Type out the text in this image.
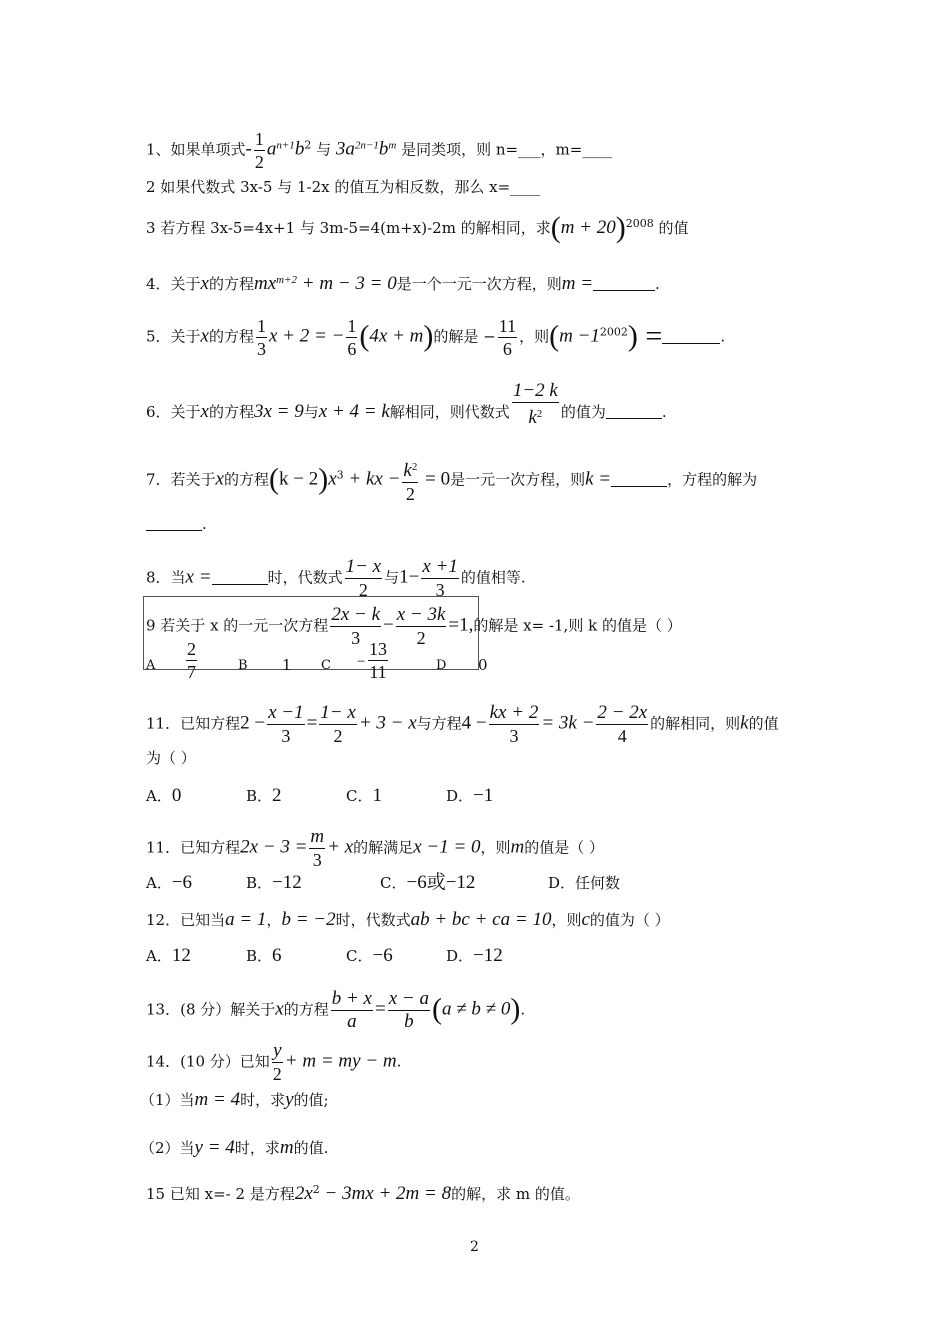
1、如果单项式- $\frac{1}{2} a^{n+1}b^2$ 与 $3a^{2n-1}b^m$ 是同类项，则 n=___，m=____
2 如果代数式 3x-5 与 1-2x 的值互为相反数，那么 x=____
3 若方程 3x-5=4x+1 与 3m-5=4(m+x)-2m 的解相同，求$(m + 20)^{2008}$ 的值
4．关于x的方程$mx^{m+2} + m - 3 = 0$是一个一元一次方程，则m =	.
5．关于x的方程 $\frac{1}{3}$ x + 2 = − $\frac{1}{6} (4x + m)$的解是 − $\frac{11}{6}$ ，则$(m -1^{2002})$ =	.
6．关于x的方程3x = 9与x + 4 = k解相同，则代数式 $\frac{1-2 k}{k^2}$ 的值为	.
7．若关于x的方程$(k - 2)x^3$ + kx − $\frac{k^2}{2} = 0$是一元一次方程，则k =	，方程的解为
.
8．当x =	时，代数式 $\frac{1- x}{2}$ 与$1- \frac{x +1}{3}$ 的值相等.
9 若关于 x 的一元一次方程 $\frac{2x - k}{3} - \frac{x - 3k}{2} =1$,的解是 x= -1,则 k 的值是（ ）
A
2
7	B 1 C −
13
11	D 0
11．已知方程$2 - \frac{x -1}{3} = \frac{1- x}{2} + 3 - x$与方程$4 - \frac{kx + 2}{3} = 3k - \frac{2 - 2x}{4}$ 的解相同，则k的值
为（ ）
A．0	B．2	C．1	D．−1
11．已知方程$2x - 3 = \frac{m}{3} + x$的解满足x −1 = 0，则m的值是（ ）
A．−6	B．−12	C．−6或−12	D．任何数
12．已知当a = 1，b = −2时，代数式ab + bc + ca = 10，则c的值为（ ）
A．12	B．6	C．−6	D．−12
13．(8 分）解关于x的方程 $\frac{b + x}{a} = \frac{x - a}{b} (a \ne b \ne 0)$.
14．(10 分）已知 $\frac{y}{2} + m$ = my − m.
（1）当m = 4时，求y的值;
（2）当y = 4时，求m的值.
15 已知 x=- 2 是方程$2x^2 - 3mx + 2m = 8$的解，求 m 的值。
2
